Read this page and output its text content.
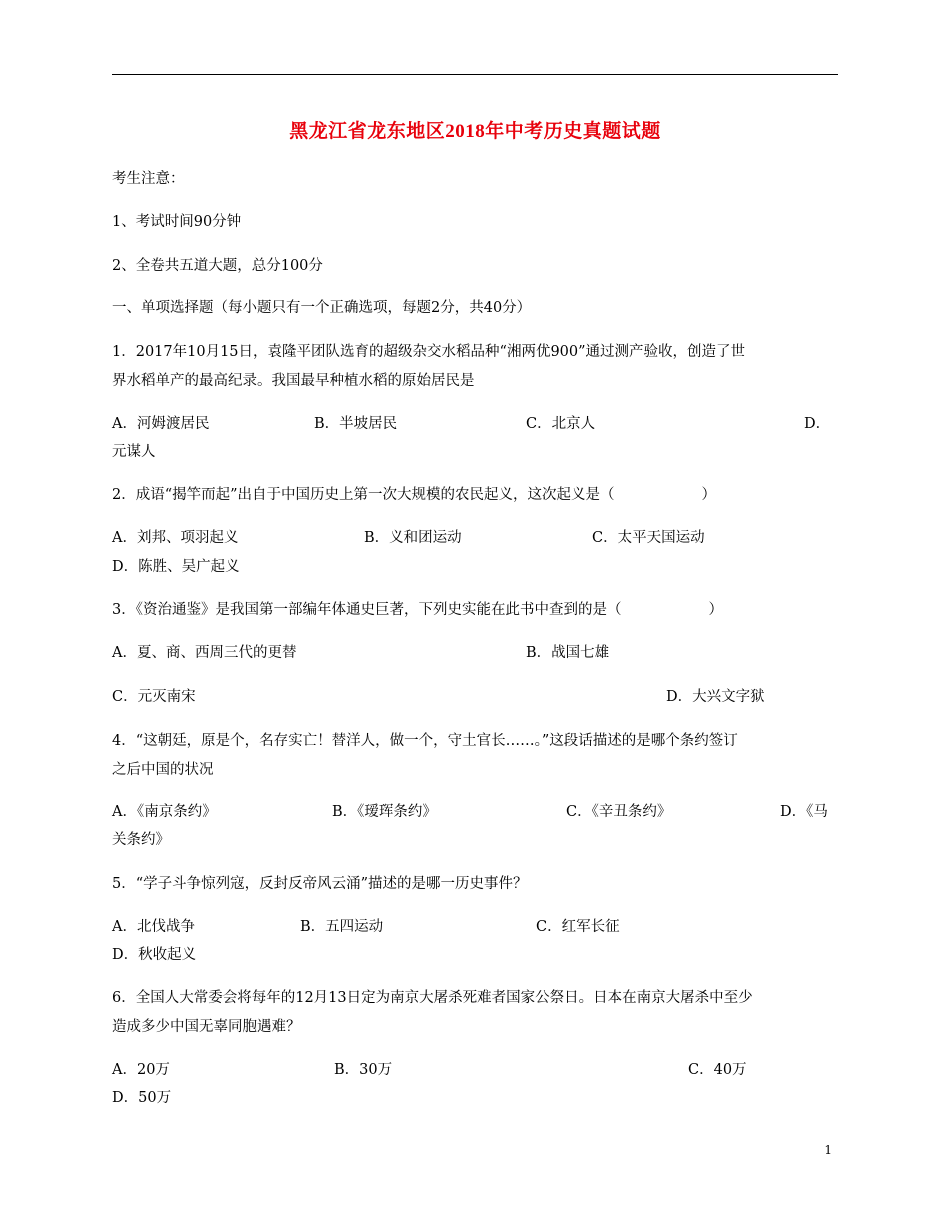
黑龙江省龙东地区2018年中考历史真题试题
考生注意：
1、考试时间90分钟
2、全卷共五道大题，总分100分
一、单项选择题（每小题只有一个正确选项，每题2分，共40分）
1．2017年10月15日，袁隆平团队选育的超级杂交水稻品种“湘两优900”通过测产验收，创造了世
界水稻单产的最高纪录。我国最早种植水稻的原始居民是
A．河姆渡居民	B．半坡居民	C．北京人	D．
元谋人
2．成语“揭竿而起”出自于中国历史上第一次大规模的农民起义，这次起义是（　　　　　　）
A．刘邦、项羽起义	B．义和团运动	C．太平天国运动
D．陈胜、吴广起义
3．《资治通鉴》是我国第一部编年体通史巨著，下列史实能在此书中查到的是（　　　　　　）
A．夏、商、西周三代的更替	B．战国七雄
C．元灭南宋	D．大兴文字狱
4．“这朝廷，原是个，名存实亡！替洋人，做一个，守土官长……。”这段话描述的是哪个条约签订
之后中国的状况
A．《南京条约》	B．《瑷珲条约》	C．《辛丑条约》	D．《马
关条约》
5．“学子斗争惊列寇，反封反帝风云涌”描述的是哪一历史事件？
A．北伐战争	B．五四运动	C．红军长征
D．秋收起义
6．全国人大常委会将每年的12月13日定为南京大屠杀死难者国家公祭日。日本在南京大屠杀中至少
造成多少中国无辜同胞遇难？
A．20万	B．30万	C．40万
D．50万
1
